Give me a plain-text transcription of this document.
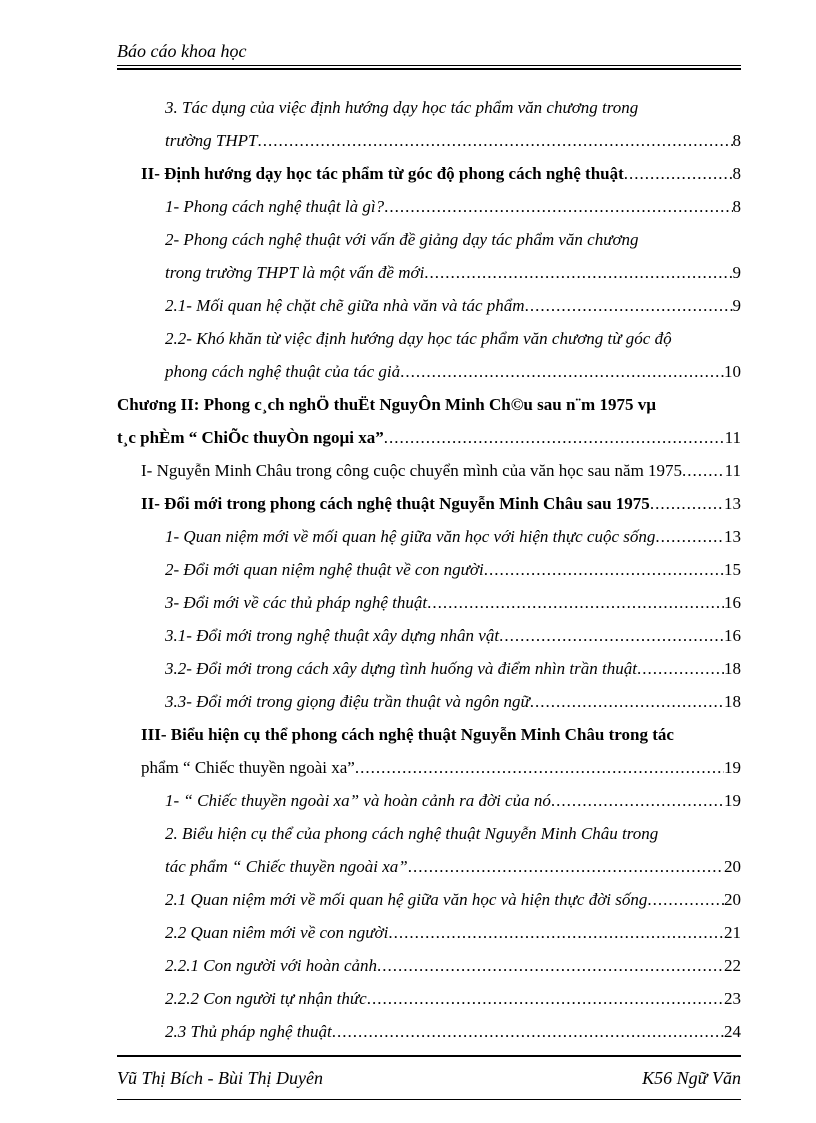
Báo cáo khoa học
3. Tác dụng của việc định hướng dạy học tác phẩm văn chương trong
trường THPT .....	8
II- Định hướng dạy học tác phẩm từ góc độ phong cách nghệ thuật .....	8
1- Phong cách nghệ thuật là gì? .....	8
2- Phong cách nghệ thuật với vấn đề giảng dạy tác phẩm văn chương
trong trường THPT là một vấn đề mới .....	9
2.1- Mối quan hệ chặt chẽ giữa nhà văn và tác phẩm .....	9
2.2- Khó khăn từ việc định hướng dạy học tác phẩm văn chương từ góc độ
phong cách nghệ thuật của tác giả .....	10
Chương II: Phong c¸ch nghÖ thuËt NguyÔn Minh Ch©u sau n¨m 1975 vµ
t¸c phÈm “ ChiÕc thuyÒn ngoµi xa” .....	11
I- Nguyễn Minh Châu trong công cuộc chuyển mình của văn học sau năm 1975 .....	11
II- Đổi mới trong phong cách nghệ thuật Nguyễn Minh Châu sau 1975 .....	13
1- Quan niệm mới về mối quan hệ giữa văn học với hiện thực cuộc sống .....	13
2- Đổi mới quan niệm nghệ thuật về con người .....	15
3- Đổi mới về các thủ pháp nghệ thuật .....	16
3.1- Đổi mới trong nghệ thuật xây dựng nhân vật .....	16
3.2- Đổi mới trong cách xây dựng tình huống và điểm nhìn trần thuật .....	18
3.3- Đổi mới trong giọng điệu trần thuật và ngôn ngữ .....	18
III- Biểu hiện cụ thể phong cách nghệ thuật Nguyễn Minh Châu trong tác
phẩm “ Chiếc thuyền ngoài xa” .....	19
1- “ Chiếc thuyền ngoài xa” và hoàn cảnh ra đời của nó .....	19
2. Biểu hiện cụ thể của phong cách nghệ thuật Nguyễn Minh Châu trong
tác phẩm “ Chiếc thuyền ngoài xa” .....	20
2.1 Quan niệm mới về mối quan hệ giữa văn học và hiện thực đời sống .....	20
2.2 Quan niêm mới về con người .....	21
2.2.1 Con người với hoàn cảnh .....	22
2.2.2 Con người tự nhận thức .....	23
2.3 Thủ pháp nghệ thuật .....	24
Vũ Thị Bích - Bùi Thị Duyên	K56 Ngữ Văn
